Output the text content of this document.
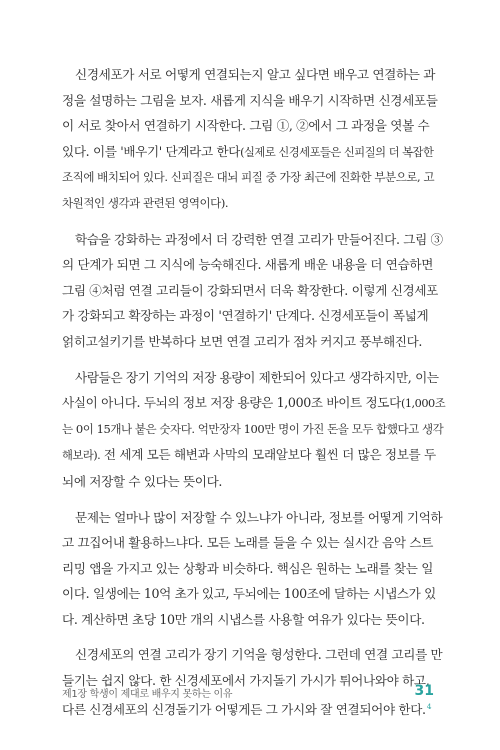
신경세포가 서로 어떻게 연결되는지 알고 싶다면 배우고 연결하는 과
정을 설명하는 그림을 보자. 새롭게 지식을 배우기 시작하면 신경세포들
이 서로 찾아서 연결하기 시작한다. 그림 ①, ②에서 그 과정을 엿볼 수
있다. 이를 '배우기' 단계라고 한다(실제로 신경세포들은 신피질의 더 복잡한
조직에 배치되어 있다. 신피질은 대뇌 피질 중 가장 최근에 진화한 부분으로, 고
차원적인 생각과 관련된 영역이다).

학습을 강화하는 과정에서 더 강력한 연결 고리가 만들어진다. 그림 ③
의 단계가 되면 그 지식에 능숙해진다. 새롭게 배운 내용을 더 연습하면
그림 ④처럼 연결 고리들이 강화되면서 더욱 확장한다. 이렇게 신경세포
가 강화되고 확장하는 과정이 '연결하기' 단계다. 신경세포들이 폭넓게
얽히고설키기를 반복하다 보면 연결 고리가 점차 커지고 풍부해진다.

사람들은 장기 기억의 저장 용량이 제한되어 있다고 생각하지만, 이는
사실이 아니다. 두뇌의 정보 저장 용량은 1,000조 바이트 정도다(1,000조
는 0이 15개나 붙은 숫자다. 억만장자 100만 명이 가진 돈을 모두 합했다고 생각
해보라). 전 세계 모든 해변과 사막의 모래알보다 훨씬 더 많은 정보를 두
뇌에 저장할 수 있다는 뜻이다.

문제는 얼마나 많이 저장할 수 있느냐가 아니라, 정보를 어떻게 기억하
고 끄집어내 활용하느냐다. 모든 노래를 들을 수 있는 실시간 음악 스트
리밍 앱을 가지고 있는 상황과 비슷하다. 핵심은 원하는 노래를 찾는 일
이다. 일생에는 10억 초가 있고, 두뇌에는 100조에 달하는 시냅스가 있
다. 계산하면 초당 10만 개의 시냅스를 사용할 여유가 있다는 뜻이다.

신경세포의 연결 고리가 장기 기억을 형성한다. 그런데 연결 고리를 만
들기는 쉽지 않다. 한 신경세포에서 가지돌기 가시가 튀어나와야 하고,
다른 신경세포의 신경돌기가 어떻게든 그 가시와 잘 연결되어야 한다.$^4$

제1장 학생이 제대로 배우지 못하는 이유	31
